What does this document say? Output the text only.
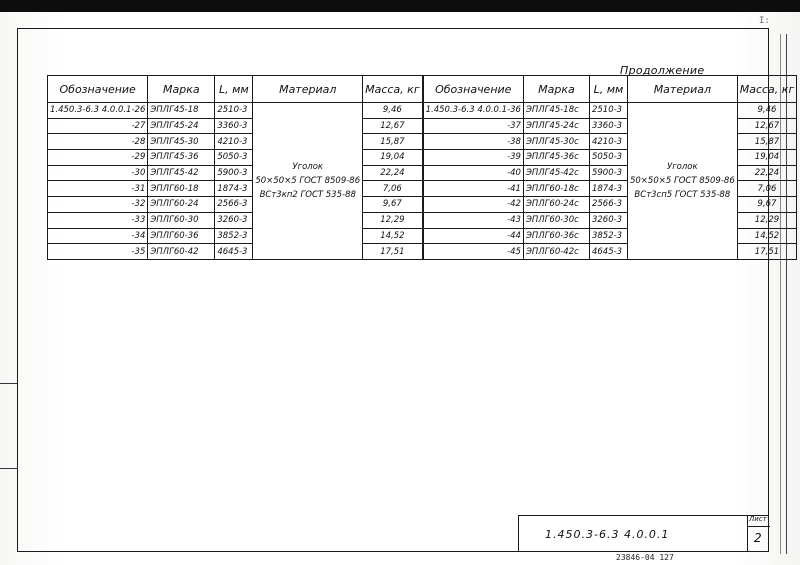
I:
Продолжение
Обозначение	Марка	L, мм	Материал	Масса, кг	Обозначение	Марка	L, мм	Материал	Масса, кг
1.450.3-6.3 4.0.0.1-26	ЭПЛГ45-18	2510-3	Уголок
50×50×5 ГОСТ 8509-86
ВСт3кп2 ГОСТ 535-88	9,46	1.450.3-6.3 4.0.0.1-36	ЭПЛГ45-18с	2510-3	Уголок
50×50×5 ГОСТ 8509-86
ВСт3сп5 ГОСТ 535-88	9,46
-27	ЭПЛГ45-24	3360-3		12,67	-37	ЭПЛГ45-24с	3360-3		12,67
-28	ЭПЛГ45-30	4210-3		15,87	-38	ЭПЛГ45-30с	4210-3		15,87
-29	ЭПЛГ45-36	5050-3		19,04	-39	ЭПЛГ45-36с	5050-3		19,04
-30	ЭПЛГ45-42	5900-3		22,24	-40	ЭПЛГ45-42с	5900-3		22,24
-31	ЭПЛГ60-18	1874-3		7,06	-41	ЭПЛГ60-18с	1874-3		7,06
-32	ЭПЛГ60-24	2566-3		9,67	-42	ЭПЛГ60-24с	2566-3		9,67
-33	ЭПЛГ60-30	3260-3		12,29	-43	ЭПЛГ60-30с	3260-3		12,29
-34	ЭПЛГ60-36	3852-3		14,52	-44	ЭПЛГ60-36с	3852-3		14,52
-35	ЭПЛГ60-42	4645-3		17,51	-45	ЭПЛГ60-42с	4645-3		17,51
1.450.3-6.3 4.0.0.1
Лист
2
23846-04 127
